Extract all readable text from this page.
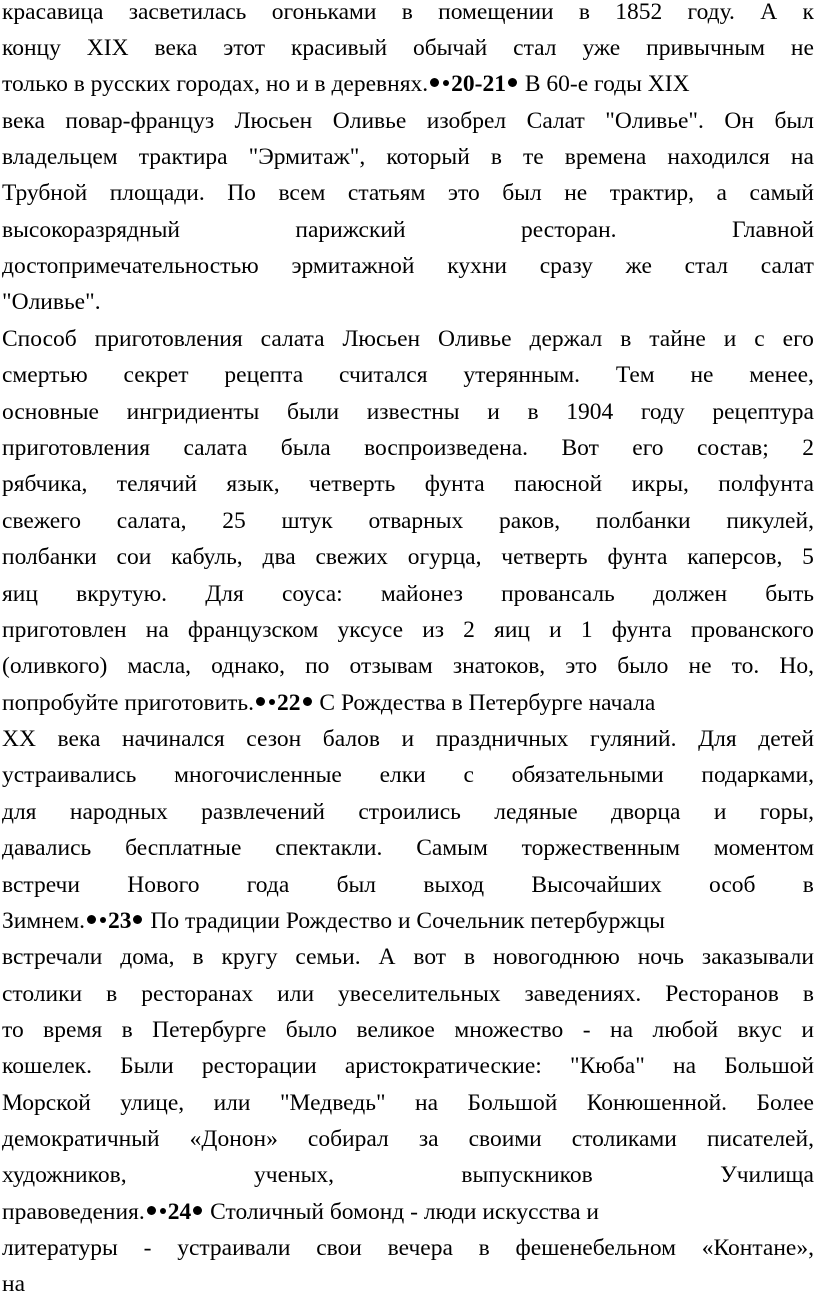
красавица засветилась огоньками в помещении в 1852 году. А к
концу XIX века этот красивый обычай стал уже привычным не
только в русских городах, но и в деревнях. 20-21 В 60-е годы XIX
века повар-француз Люсьен Оливье изобрел Салат "Оливье". Он был
владельцем трактира "Эрмитаж", который в те времена находился на
Трубной площади. По всем статьям это был не трактир, а самый
высокоразрядный	парижский	ресторан.	Главной
достопримечательностью эрмитажной кухни сразу же стал салат
"Оливье".
Способ приготовления салата Люсьен Оливье держал в тайне и с его
смертью секрет рецепта считался утерянным. Тем не менее,
основные ингридиенты были известны и в 1904 году рецептура
приготовления салата была воспроизведена. Вот его состав; 2
рябчика, телячий язык, четверть фунта паюсной икры, полфунта
свежего салата, 25 штук отварных раков, полбанки пикулей,
полбанки сои кабуль, два свежих огурца, четверть фунта каперсов, 5
яиц вкрутую. Для соуса: майонез провансаль должен быть
приготовлен на французском уксусе из 2 яиц и 1 фунта прованского
(оливкого) масла, однако, по отзывам знатоков, это было не то. Но,
попробуйте приготовить. 22 С Рождества в Петербурге начала
XX века начинался сезон балов и праздничных гуляний. Для детей
устраивались многочисленные елки с обязательными подарками,
для народных развлечений строились ледяные дворца и горы,
давались бесплатные спектакли. Самым торжественным моментом
встречи Нового года был выход Высочайших особ в
Зимнем. 23 По традиции Рождество и Сочельник петербуржцы
встречали дома, в кругу семьи. А вот в новогоднюю ночь заказывали
столики в ресторанах или увеселительных заведениях. Ресторанов в
то время в Петербурге было великое множество - на любой вкус и
кошелек. Были ресторации аристократические: "Кюба" на Большой
Морской улице, или "Медведь" на Большой Конюшенной. Более
демократичный «Донон» собирал за своими столиками писателей,
художников,	ученых,	выпускников	Училища
правоведения. 24 Столичный бомонд - люди искусства и
литературы - устраивали свои вечера в фешенебельном «Контане»,
на
